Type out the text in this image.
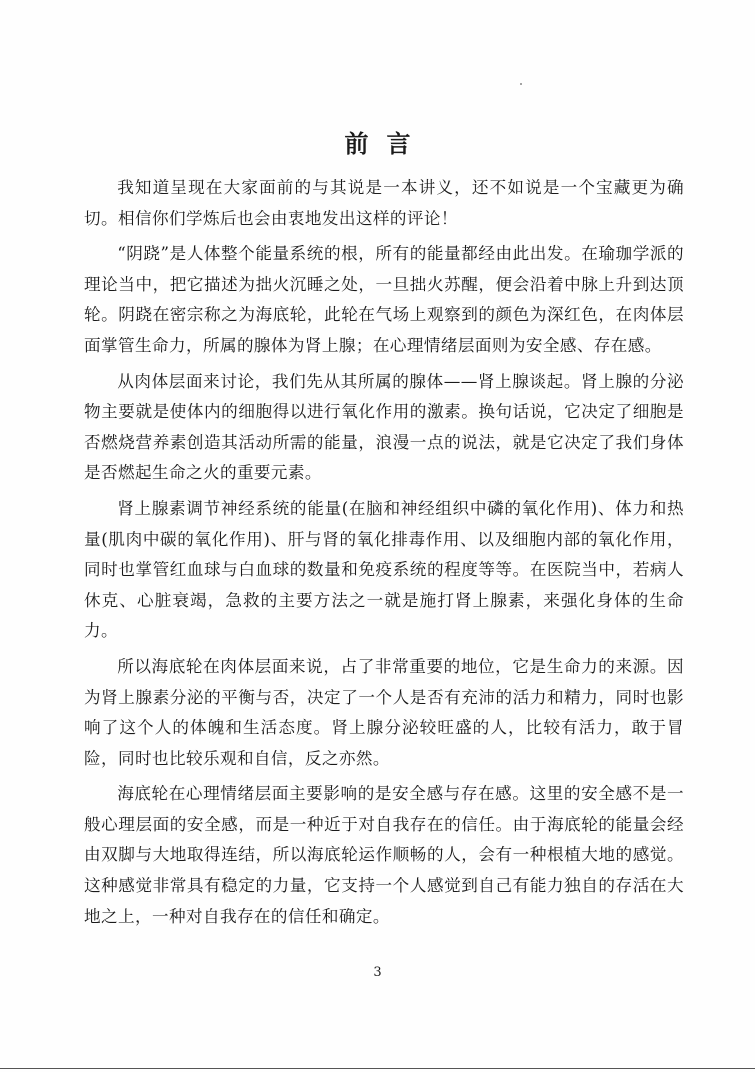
前言

我知道呈现在大家面前的与其说是一本讲义，还不如说是一个宝藏更为确切。相信你们学炼后也会由衷地发出这样的评论！

“阴跷”是人体整个能量系统的根，所有的能量都经由此出发。在瑜珈学派的理论当中，把它描述为拙火沉睡之处，一旦拙火苏醒，便会沿着中脉上升到达顶轮。阴跷在密宗称之为海底轮，此轮在气场上观察到的颜色为深红色，在肉体层面掌管生命力，所属的腺体为肾上腺；在心理情绪层面则为安全感、存在感。

从肉体层面来讨论，我们先从其所属的腺体——肾上腺谈起。肾上腺的分泌物主要就是使体内的细胞得以进行氧化作用的激素。换句话说，它决定了细胞是否燃烧营养素创造其活动所需的能量，浪漫一点的说法，就是它决定了我们身体是否燃起生命之火的重要元素。

肾上腺素调节神经系统的能量(在脑和神经组织中磷的氧化作用)、体力和热量(肌肉中碳的氧化作用)、肝与肾的氧化排毒作用、以及细胞内部的氧化作用，同时也掌管红血球与白血球的数量和免疫系统的程度等等。在医院当中，若病人休克、心脏衰竭，急救的主要方法之一就是施打肾上腺素，来强化身体的生命力。

所以海底轮在肉体层面来说，占了非常重要的地位，它是生命力的来源。因为肾上腺素分泌的平衡与否，决定了一个人是否有充沛的活力和精力，同时也影响了这个人的体魄和生活态度。肾上腺分泌较旺盛的人，比较有活力，敢于冒险，同时也比较乐观和自信，反之亦然。

海底轮在心理情绪层面主要影响的是安全感与存在感。这里的安全感不是一般心理层面的安全感，而是一种近于对自我存在的信任。由于海底轮的能量会经由双脚与大地取得连结，所以海底轮运作顺畅的人，会有一种根植大地的感觉。这种感觉非常具有稳定的力量，它支持一个人感觉到自己有能力独自的存活在大地之上，一种对自我存在的信任和确定。

3
